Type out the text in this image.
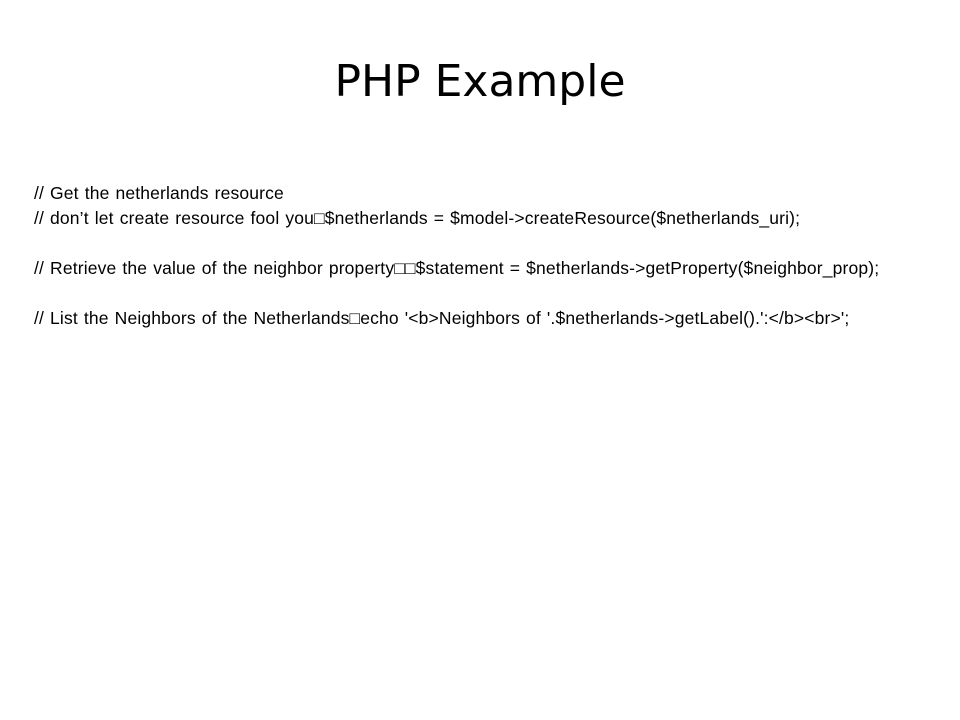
PHP Example
// Get the netherlands resource
// don’t let create resource fool you□$netherlands = $model->createResource($netherlands_uri);
// Retrieve the value of the neighbor property□□$statement = $netherlands->getProperty($neighbor_prop);
// List the Neighbors of the Netherlands□echo '<b>Neighbors of '.$netherlands->getLabel().':</b><br>';
